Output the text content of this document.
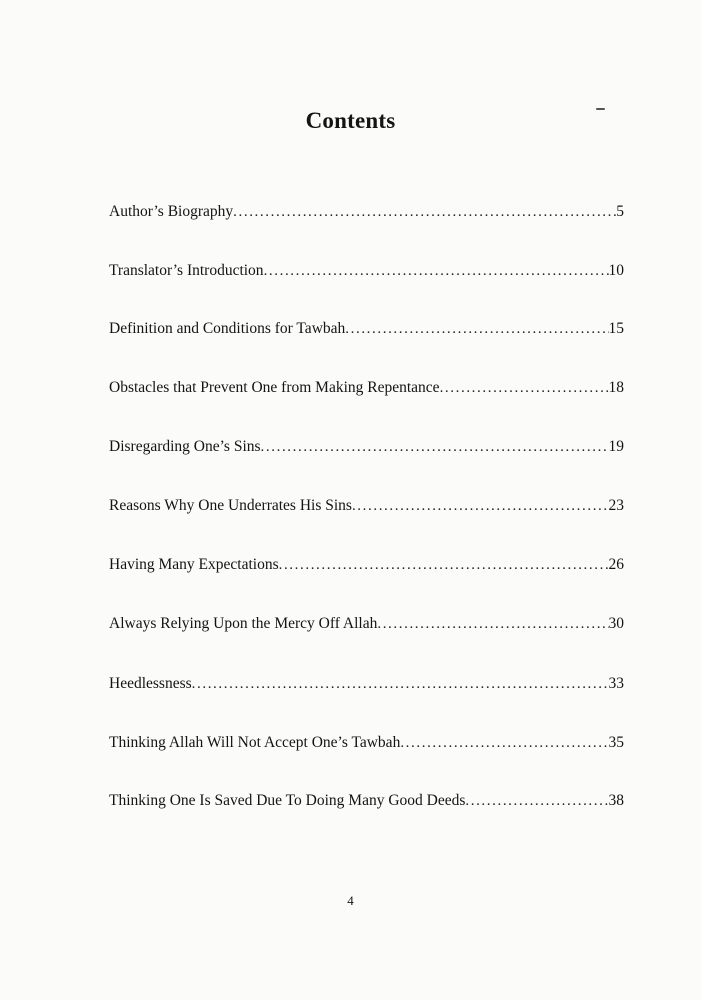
Contents
Author’s Biography .....	5
Translator’s Introduction .....	10
Definition and Conditions for Tawbah .....	15
Obstacles that Prevent One from Making Repentance .....	18
Disregarding One’s Sins .....	19
Reasons Why One Underrates His Sins .....	23
Having Many Expectations .....	26
Always Relying Upon the Mercy Off Allah .....	30
Heedlessness .....	33
Thinking Allah Will Not Accept One’s Tawbah .....	35
Thinking One Is Saved Due To Doing Many Good Deeds .....	38
4
